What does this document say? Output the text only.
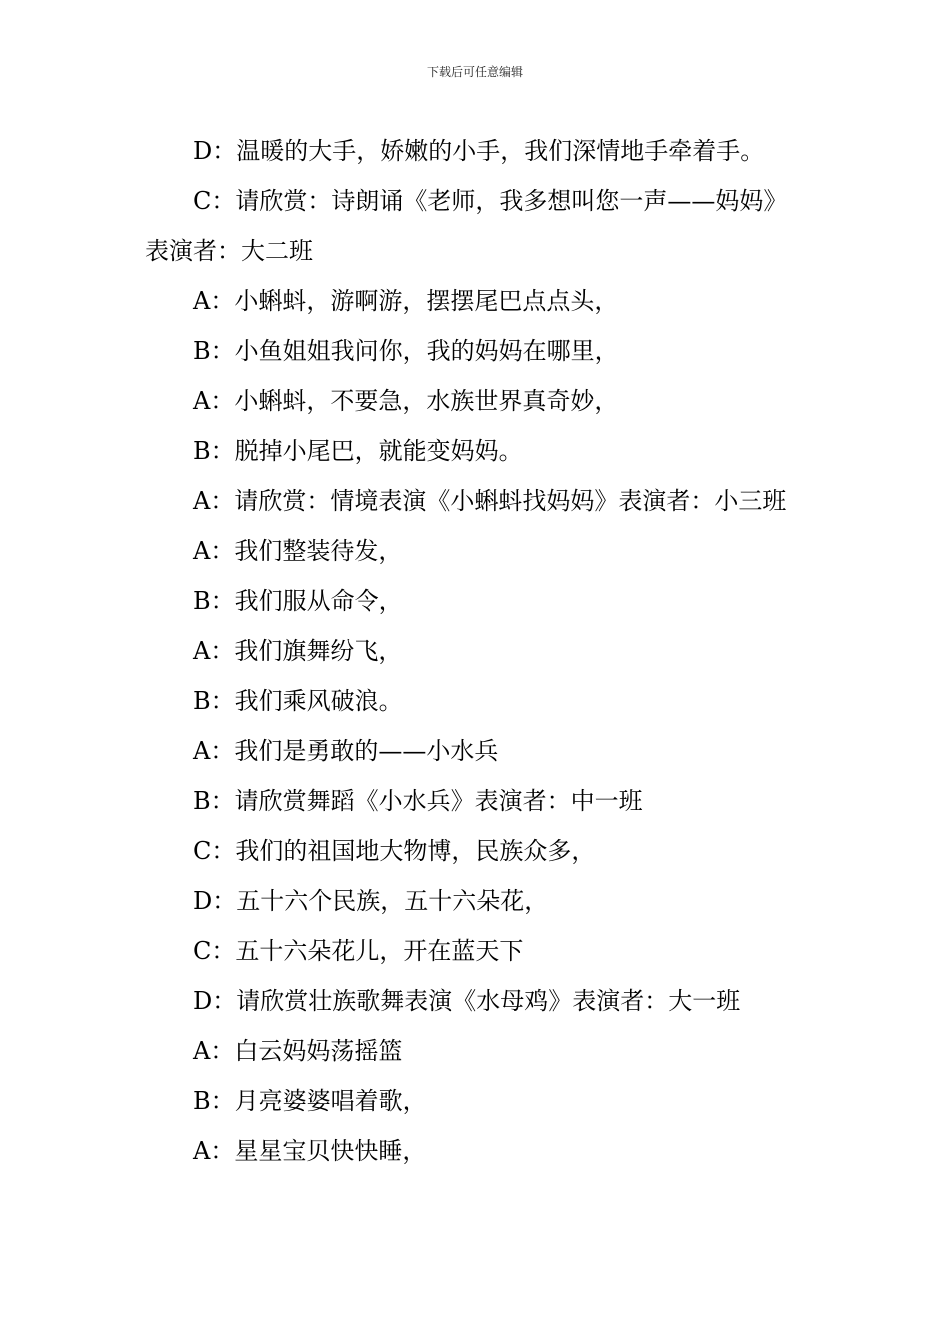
下载后可任意编辑

D：温暖的大手，娇嫩的小手，我们深情地手牵着手。

C：请欣赏：诗朗诵《老师，我多想叫您一声——妈妈》表演者：大二班

A：小蝌蚪，游啊游，摆摆尾巴点点头，

B：小鱼姐姐我问你，我的妈妈在哪里，

A：小蝌蚪，不要急，水族世界真奇妙，

B：脱掉小尾巴，就能变妈妈。

A：请欣赏：情境表演《小蝌蚪找妈妈》表演者：小三班

A：我们整装待发，

B：我们服从命令，

A：我们旗舞纷飞，

B：我们乘风破浪。

A：我们是勇敢的——小水兵

B：请欣赏舞蹈《小水兵》表演者：中一班

C：我们的祖国地大物博，民族众多，

D：五十六个民族，五十六朵花，

C：五十六朵花儿，开在蓝天下

D：请欣赏壮族歌舞表演《水母鸡》表演者：大一班

A：白云妈妈荡摇篮

B：月亮婆婆唱着歌，

A：星星宝贝快快睡，
